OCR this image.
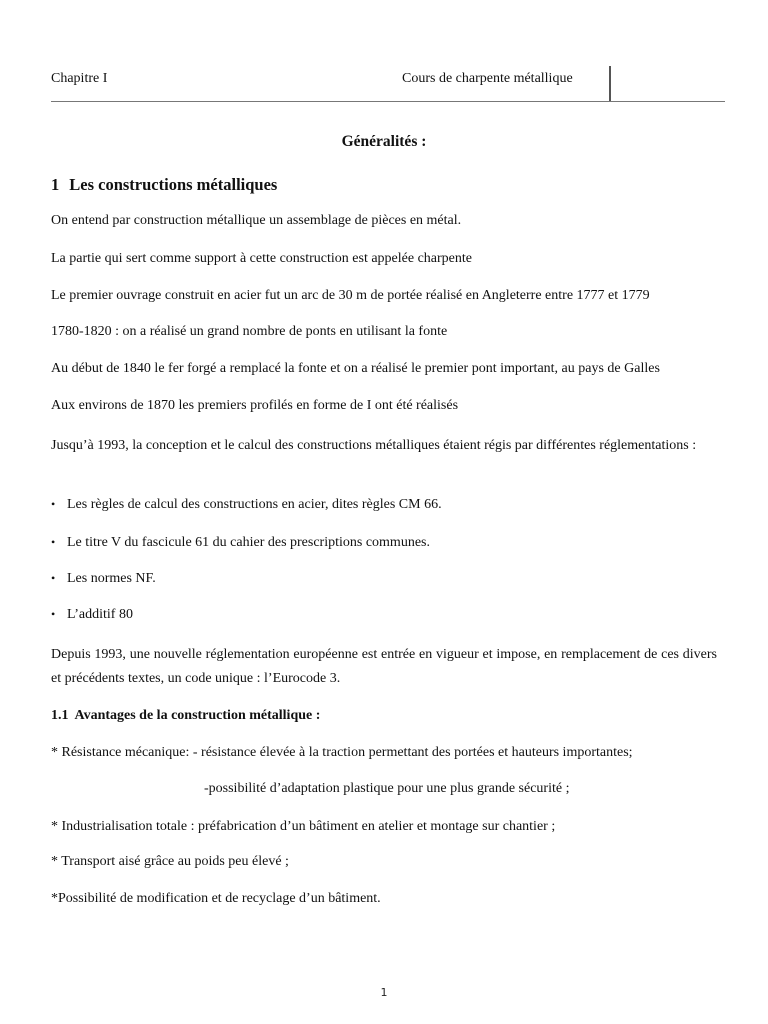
Chapitre I	Cours de charpente métallique
Généralités :
1 Les constructions métalliques
On entend par construction métallique un assemblage de pièces en métal.
La partie qui sert comme support à cette construction est appelée charpente
Le premier ouvrage construit en acier fut un arc de 30 m de portée réalisé en Angleterre entre 1777 et 1779
1780-1820 : on a réalisé un grand nombre de ponts en utilisant la fonte
Au début de 1840 le fer forgé a remplacé la fonte et on a réalisé le premier pont important, au pays de Galles
Aux environs de 1870 les premiers profilés en forme de I ont été réalisés
Jusqu’à 1993, la conception et le calcul des constructions métalliques étaient régis par différentes réglementations :
• Les règles de calcul des constructions en acier, dites règles CM 66.
• Le titre V du fascicule 61 du cahier des prescriptions communes.
• Les normes NF.
• L’additif 80
Depuis 1993, une nouvelle réglementation européenne est entrée en vigueur et impose, en remplacement de ces divers et précédents textes, un code unique : l’Eurocode 3.
1.1 Avantages de la construction métallique :
* Résistance mécanique: - résistance élevée à la traction permettant des portées et hauteurs importantes;
-possibilité d’adaptation plastique pour une plus grande sécurité ;
* Industrialisation totale : préfabrication d’un bâtiment en atelier et montage sur chantier ;
* Transport aisé grâce au poids peu élevé ;
*Possibilité de modification et de recyclage d’un bâtiment.
1
